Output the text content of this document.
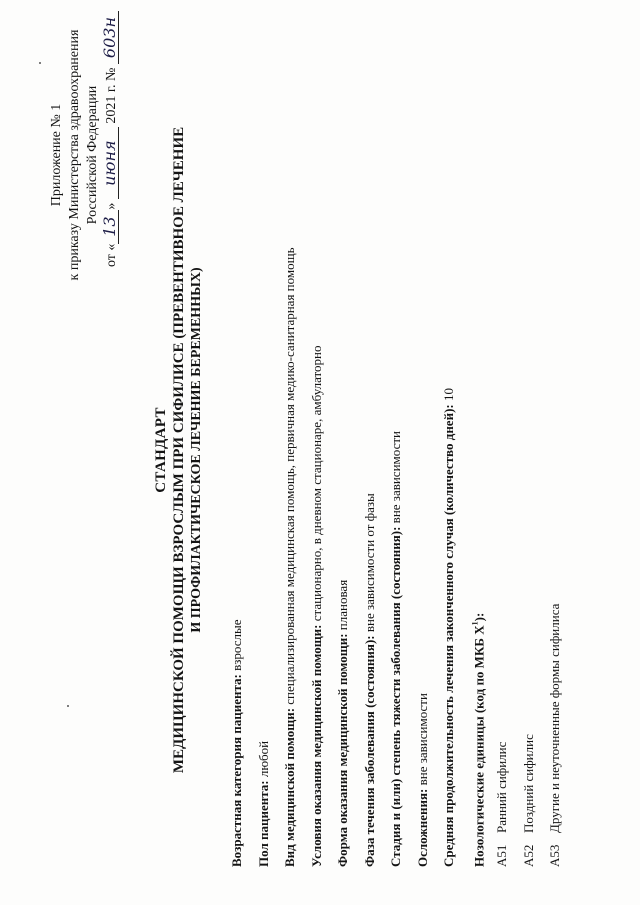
Приложение № 1 к приказу Министерства здравоохранения Российской Федерации
от «13» июня 2021 г. № 603н
СТАНДАРТ МЕДИЦИНСКОЙ ПОМОЩИ ВЗРОСЛЫМ ПРИ СИФИЛИСЕ (ПРЕВЕНТИВНОЕ ЛЕЧЕНИЕ И ПРОФИЛАКТИЧЕСКОЕ ЛЕЧЕНИЕ БЕРЕМЕННЫХ)
Возрастная категория пациента: взрослые
Пол пациента: любой Вид медицинской помощи: специализированная медицинская помощь, первичная медико-санитарная помощь
Условия оказания медицинской помощи: стационарно, в дневном стационаре, амбулаторно
Форма оказания медицинской помощи: плановая
Фаза течения заболевания (состояния): вне зависимости от фазы Стадия и (или) степень тяжести заболевания (состояния): вне зависимости
Осложнения: вне зависимости Средняя продолжительность лечения законченного случая (количество дней): 10
Нозологические единицы (код по МКБ $X^1$):
A51Ранний сифилис
A52Поздний сифилис
A53Другие и неуточненные формы сифилиса
